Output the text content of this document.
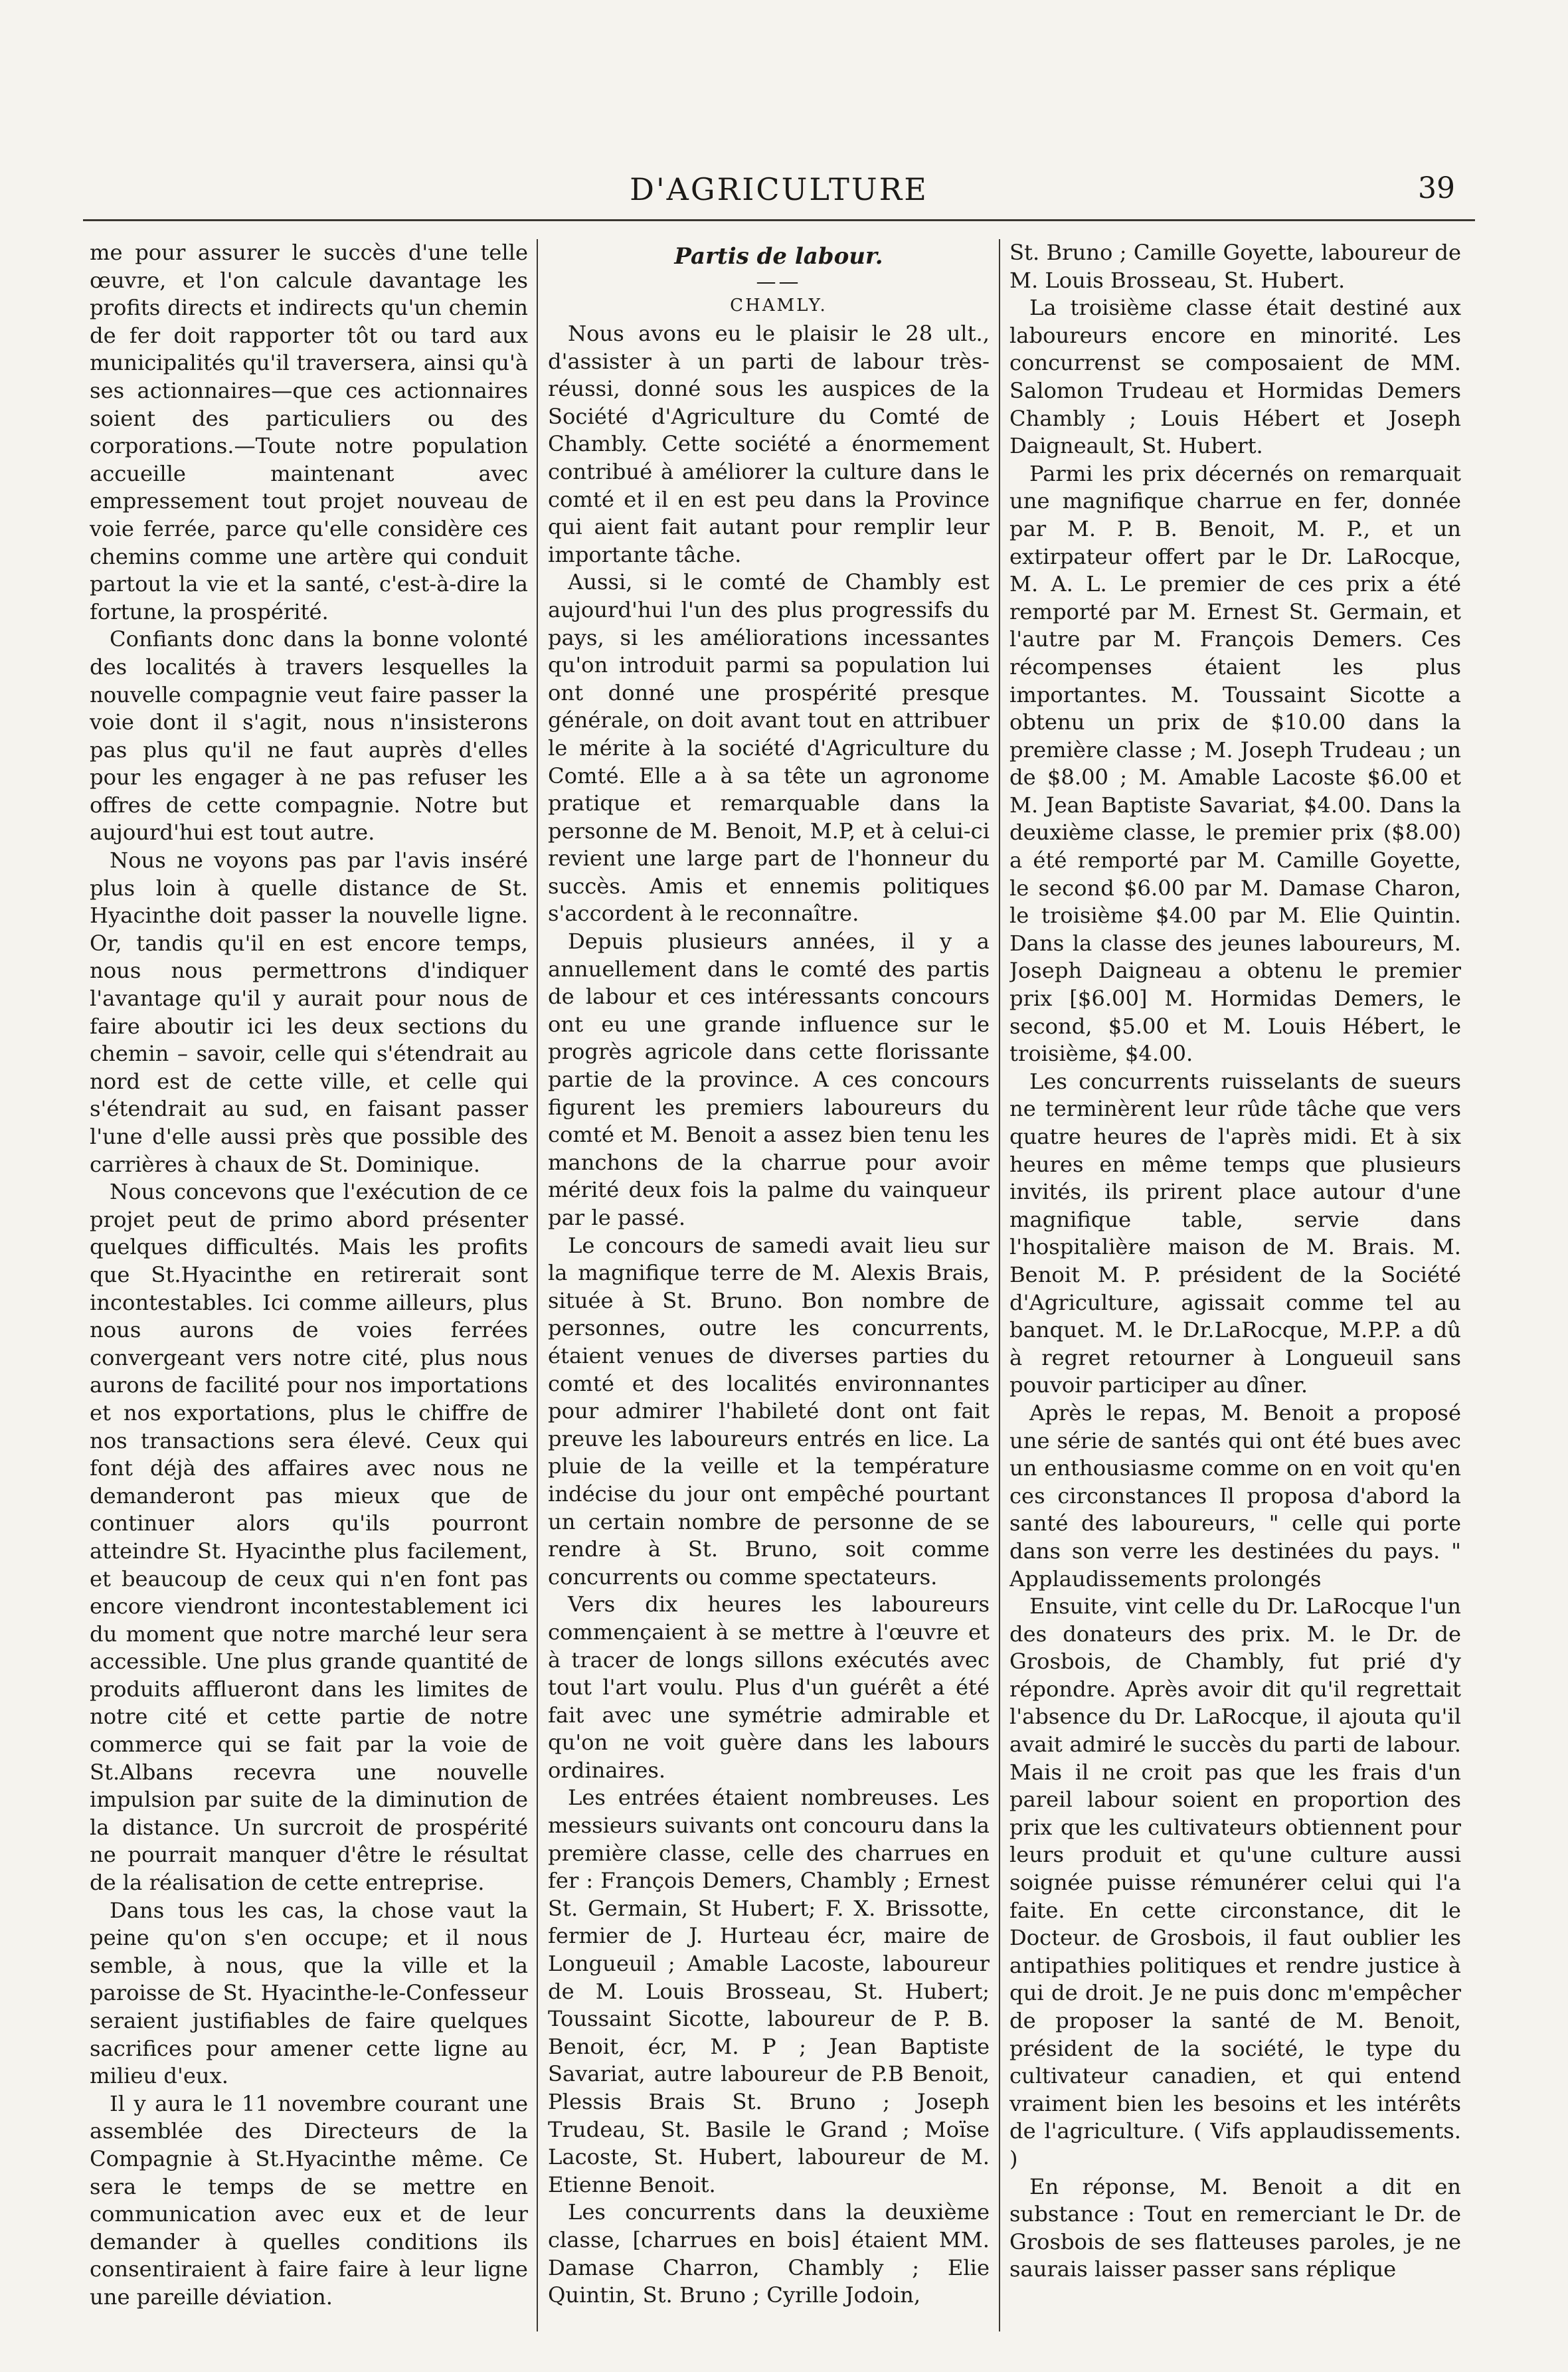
D'AGRICULTURE	39

me pour assurer le succès d'une telle œuvre, et l'on calcule davantage les profits directs et indirects qu'un chemin de fer doit rapporter tôt ou tard aux municipalités qu'il traversera, ainsi qu'à ses actionnaires—que ces actionnaires soient des particuliers ou des corporations.—Toute notre population accueille maintenant avec empressement tout projet nouveau de voie ferrée, parce qu'elle considère ces chemins comme une artère qui conduit partout la vie et la santé, c'est-à-dire la fortune, la prospérité.

Confiants donc dans la bonne volonté des localités à travers lesquelles la nouvelle compagnie veut faire passer la voie dont il s'agit, nous n'insisterons pas plus qu'il ne faut auprès d'elles pour les engager à ne pas refuser les offres de cette compagnie. Notre but aujourd'hui est tout autre.

Nous ne voyons pas par l'avis inséré plus loin à quelle distance de St. Hyacinthe doit passer la nouvelle ligne. Or, tandis qu'il en est encore temps, nous nous permettrons d'indiquer l'avantage qu'il y aurait pour nous de faire aboutir ici les deux sections du chemin – savoir, celle qui s'étendrait au nord est de cette ville, et celle qui s'étendrait au sud, en faisant passer l'une d'elle aussi près que possible des carrières à chaux de St. Dominique.

Nous concevons que l'exécution de ce projet peut de primo abord présenter quelques difficultés. Mais les profits que St.Hyacinthe en retirerait sont incontestables. Ici comme ailleurs, plus nous aurons de voies ferrées convergeant vers notre cité, plus nous aurons de facilité pour nos importations et nos exportations, plus le chiffre de nos transactions sera élevé. Ceux qui font déjà des affaires avec nous ne demanderont pas mieux que de continuer alors qu'ils pourront atteindre St. Hyacinthe plus facilement, et beaucoup de ceux qui n'en font pas encore viendront incontestablement ici du moment que notre marché leur sera accessible. Une plus grande quantité de produits afflueront dans les limites de notre cité et cette partie de notre commerce qui se fait par la voie de St.Albans recevra une nouvelle impulsion par suite de la diminution de la distance. Un surcroit de prospérité ne pourrait manquer d'être le résultat de la réalisation de cette entreprise.

Dans tous les cas, la chose vaut la peine qu'on s'en occupe; et il nous semble, à nous, que la ville et la paroisse de St. Hyacinthe-le-Confesseur seraient justifiables de faire quelques sacrifices pour amener cette ligne au milieu d'eux.

Il y aura le 11 novembre courant une assemblée des Directeurs de la Compagnie à St.Hyacinthe même. Ce sera le temps de se mettre en communication avec eux et de leur demander à quelles conditions ils consentiraient à faire faire à leur ligne une pareille déviation.

Partis de labour.

——

CHAMLY.

Nous avons eu le plaisir le 28 ult., d'assister à un parti de labour très-réussi, donné sous les auspices de la Société d'Agriculture du Comté de Chambly. Cette société a énormement contribué à améliorer la culture dans le comté et il en est peu dans la Province qui aient fait autant pour remplir leur importante tâche.

Aussi, si le comté de Chambly est aujourd'hui l'un des plus progressifs du pays, si les améliorations incessantes qu'on introduit parmi sa population lui ont donné une prospérité presque générale, on doit avant tout en attribuer le mérite à la société d'Agriculture du Comté. Elle a à sa tête un agronome pratique et remarquable dans la personne de M. Benoit, M.P, et à celui-ci revient une large part de l'honneur du succès. Amis et ennemis politiques s'accordent à le reconnaître.

Depuis plusieurs années, il y a annuellement dans le comté des partis de labour et ces intéressants concours ont eu une grande influence sur le progrès agricole dans cette florissante partie de la province. A ces concours figurent les premiers laboureurs du comté et M. Benoit a assez bien tenu les manchons de la charrue pour avoir mérité deux fois la palme du vainqueur par le passé.

Le concours de samedi avait lieu sur la magnifique terre de M. Alexis Brais, située à St. Bruno. Bon nombre de personnes, outre les concurrents, étaient venues de diverses parties du comté et des localités environnantes pour admirer l'habileté dont ont fait preuve les laboureurs entrés en lice. La pluie de la veille et la température indécise du jour ont empêché pourtant un certain nombre de personne de se rendre à St. Bruno, soit comme concurrents ou comme spectateurs.

Vers dix heures les laboureurs commençaient à se mettre à l'œuvre et à tracer de longs sillons exécutés avec tout l'art voulu. Plus d'un guérêt a été fait avec une symétrie admirable et qu'on ne voit guère dans les labours ordinaires.

Les entrées étaient nombreuses. Les messieurs suivants ont concouru dans la première classe, celle des charrues en fer : François Demers, Chambly ; Ernest St. Germain, St Hubert; F. X. Brissotte, fermier de J. Hurteau écr, maire de Longueuil ; Amable Lacoste, laboureur de M. Louis Brosseau, St. Hubert; Toussaint Sicotte, laboureur de P. B. Benoit, écr, M. P ; Jean Baptiste Savariat, autre laboureur de P.B Benoit, Plessis Brais St. Bruno ; Joseph Trudeau, St. Basile le Grand ; Moïse Lacoste, St. Hubert, laboureur de M. Etienne Benoit.

Les concurrents dans la deuxième classe, [charrues en bois] étaient MM. Damase Charron, Chambly ; Elie Quintin, St. Bruno ; Cyrille Jodoin,

St. Bruno ; Camille Goyette, laboureur de M. Louis Brosseau, St. Hubert.

La troisième classe était destiné aux laboureurs encore en minorité. Les concurrenst se composaient de MM. Salomon Trudeau et Hormidas Demers Chambly ; Louis Hébert et Joseph Daigneault, St. Hubert.

Parmi les prix décernés on remarquait une magnifique charrue en fer, donnée par M. P. B. Benoit, M. P., et un extirpateur offert par le Dr. LaRocque, M. A. L. Le premier de ces prix a été remporté par M. Ernest St. Germain, et l'autre par M. François Demers. Ces récompenses étaient les plus importantes. M. Toussaint Sicotte a obtenu un prix de $10.00 dans la première classe ; M. Joseph Trudeau ; un de $8.00 ; M. Amable Lacoste $6.00 et M. Jean Baptiste Savariat, $4.00. Dans la deuxième classe, le premier prix ($8.00) a été remporté par M. Camille Goyette, le second $6.00 par M. Damase Charon, le troisième $4.00 par M. Elie Quintin. Dans la classe des jeunes laboureurs, M. Joseph Daigneau a obtenu le premier prix [$6.00] M. Hormidas Demers, le second, $5.00 et M. Louis Hébert, le troisième, $4.00.

Les concurrents ruisselants de sueurs ne terminèrent leur rûde tâche que vers quatre heures de l'après midi. Et à six heures en même temps que plusieurs invités, ils prirent place autour d'une magnifique table, servie dans l'hospitalière maison de M. Brais. M. Benoit M. P. président de la Société d'Agriculture, agissait comme tel au banquet. M. le Dr.LaRocque, M.P.P. a dû à regret retourner à Longueuil sans pouvoir participer au dîner.

Après le repas, M. Benoit a proposé une série de santés qui ont été bues avec un enthousiasme comme on en voit qu'en ces circonstances Il proposa d'abord la santé des laboureurs, " celle qui porte dans son verre les destinées du pays. " Applaudissements prolongés

Ensuite, vint celle du Dr. LaRocque l'un des donateurs des prix. M. le Dr. de Grosbois, de Chambly, fut prié d'y répondre. Après avoir dit qu'il regrettait l'absence du Dr. LaRocque, il ajouta qu'il avait admiré le succès du parti de labour. Mais il ne croit pas que les frais d'un pareil labour soient en proportion des prix que les cultivateurs obtiennent pour leurs produit et qu'une culture aussi soignée puisse rémunérer celui qui l'a faite. En cette circonstance, dit le Docteur. de Grosbois, il faut oublier les antipathies politiques et rendre justice à qui de droit. Je ne puis donc m'empêcher de proposer la santé de M. Benoit, président de la société, le type du cultivateur canadien, et qui entend vraiment bien les besoins et les intérêts de l'agriculture. ( Vifs applaudissements. )

En réponse, M. Benoit a dit en substance : Tout en remerciant le Dr. de Grosbois de ses flatteuses paroles, je ne saurais laisser passer sans réplique
